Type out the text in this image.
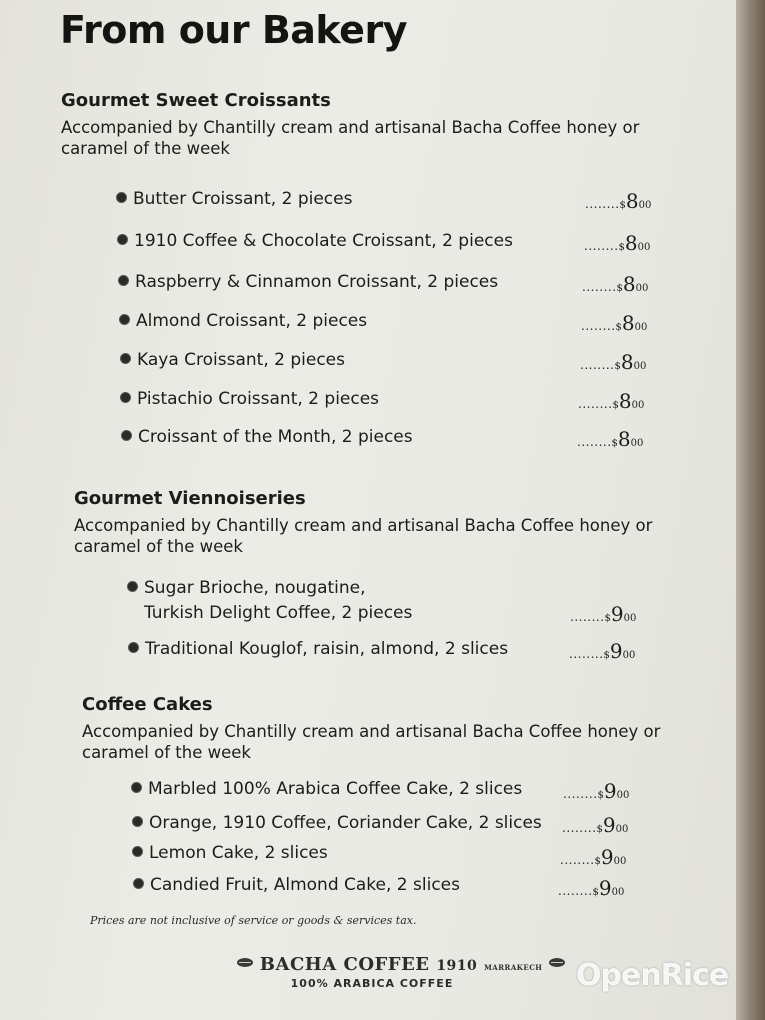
From our Bakery

Gourmet Sweet Croissants

Accompanied by Chantilly cream and artisanal Bacha Coffee honey or
caramel of the week

Butter Croissant, 2 pieces	........$800
1910 Coffee & Chocolate Croissant, 2 pieces	........$800
Raspberry & Cinnamon Croissant, 2 pieces	........$800
Almond Croissant, 2 pieces	........$800
Kaya Croissant, 2 pieces	........$800
Pistachio Croissant, 2 pieces	........$800
Croissant of the Month, 2 pieces	........$800

Gourmet Viennoiseries

Accompanied by Chantilly cream and artisanal Bacha Coffee honey or
caramel of the week

Sugar Brioche, nougatine,
Turkish Delight Coffee, 2 pieces	........$900
Traditional Kouglof, raisin, almond, 2 slices	........$900

Coffee Cakes

Accompanied by Chantilly cream and artisanal Bacha Coffee honey or
caramel of the week

Marbled 100% Arabica Coffee Cake, 2 slices	........$900
Orange, 1910 Coffee, Coriander Cake, 2 slices ........$900
Lemon Cake, 2 slices	........$900
Candied Fruit, Almond Cake, 2 slices	........$900
Prices are not inclusive of service or goods & services tax.
BACHA COFFEE 1910 MARRAKECH
100% ARABICA COFFEE	OpenRice
